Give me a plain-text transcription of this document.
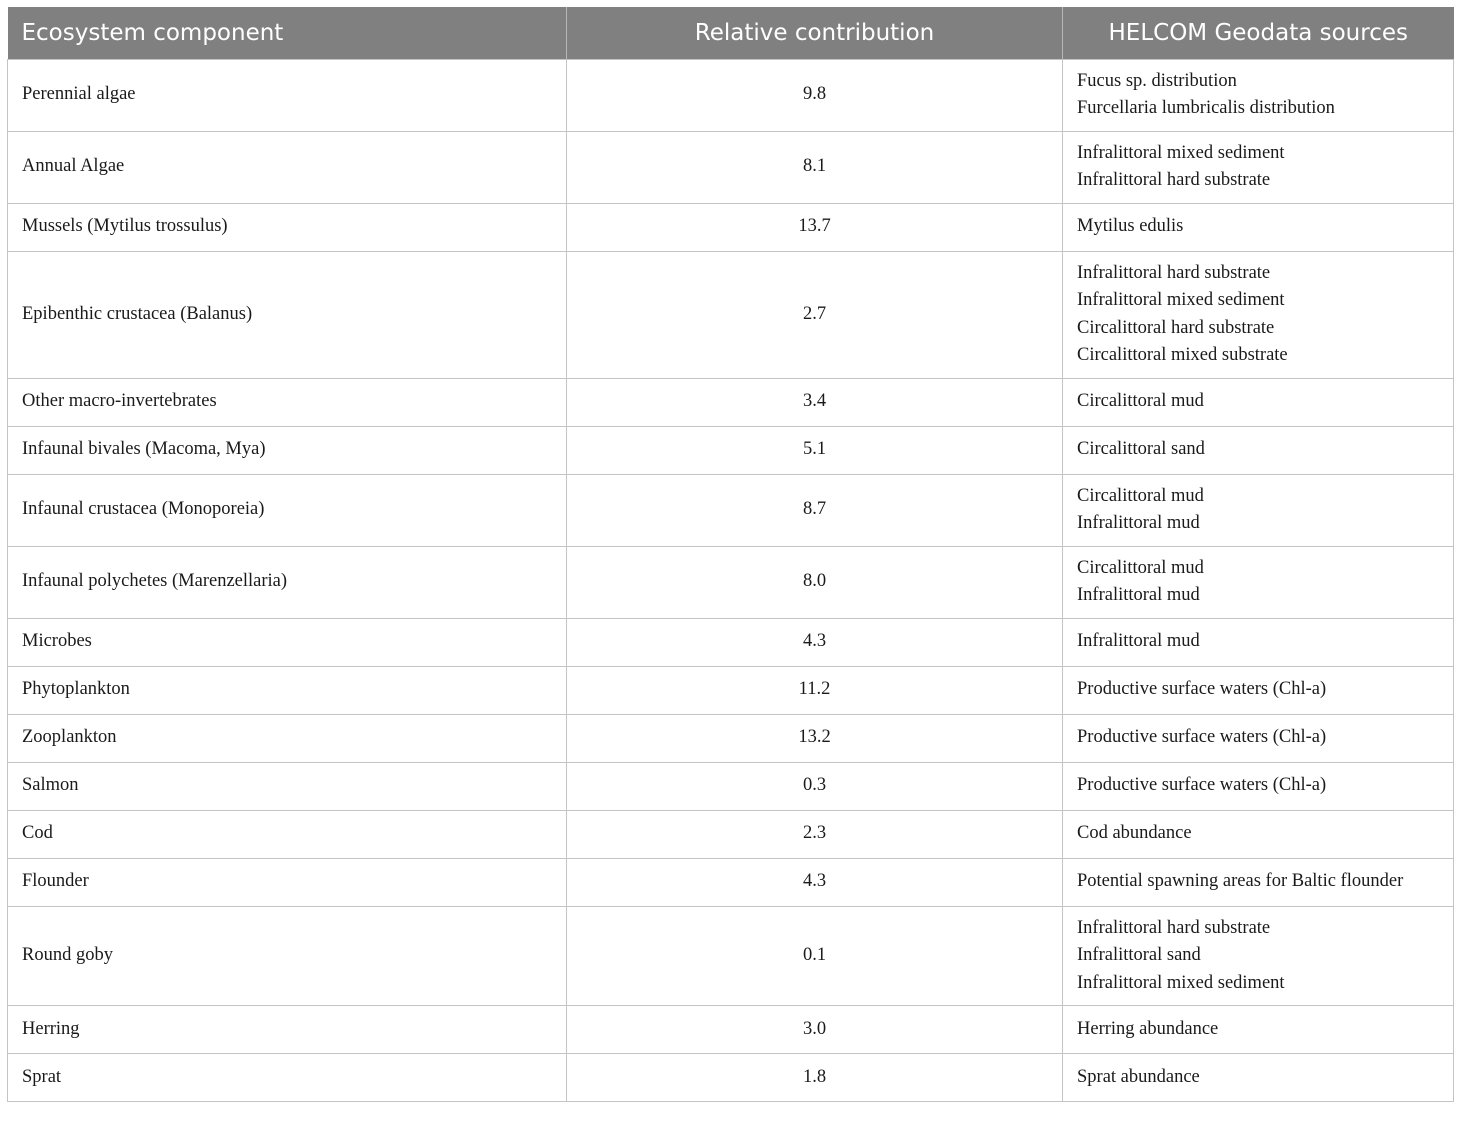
Ecosystem component	Relative contribution	HELCOM Geodata sources
Perennial algae	9.8	Fucus sp. distribution
Furcellaria lumbricalis distribution

Annual Algae	8.1	Infralittoral mixed sediment
Infralittoral hard substrate

Mussels (Mytilus trossulus)	13.7	Mytilus edulis

Epibenthic crustacea (Balanus)	2.7	Infralittoral hard substrate
Infralittoral mixed sediment
Circalittoral hard substrate
Circalittoral mixed substrate

Other macro-invertebrates	3.4	Circalittoral mud

Infaunal bivales (Macoma, Mya)	5.1	Circalittoral sand

Infaunal crustacea (Monoporeia)	8.7	Circalittoral mud
Infralittoral mud

Infaunal polychetes (Marenzellaria)	8.0	Circalittoral mud
Infralittoral mud

Microbes	4.3	Infralittoral mud

Phytoplankton	11.2	Productive surface waters (Chl-a)

Zooplankton	13.2	Productive surface waters (Chl-a)

Salmon	0.3	Productive surface waters (Chl-a)

Cod	2.3	Cod abundance

Flounder	4.3	Potential spawning areas for Baltic flounder

Round goby	0.1	Infralittoral hard substrate
Infralittoral sand
Infralittoral mixed sediment

Herring	3.0	Herring abundance

Sprat	1.8	Sprat abundance
